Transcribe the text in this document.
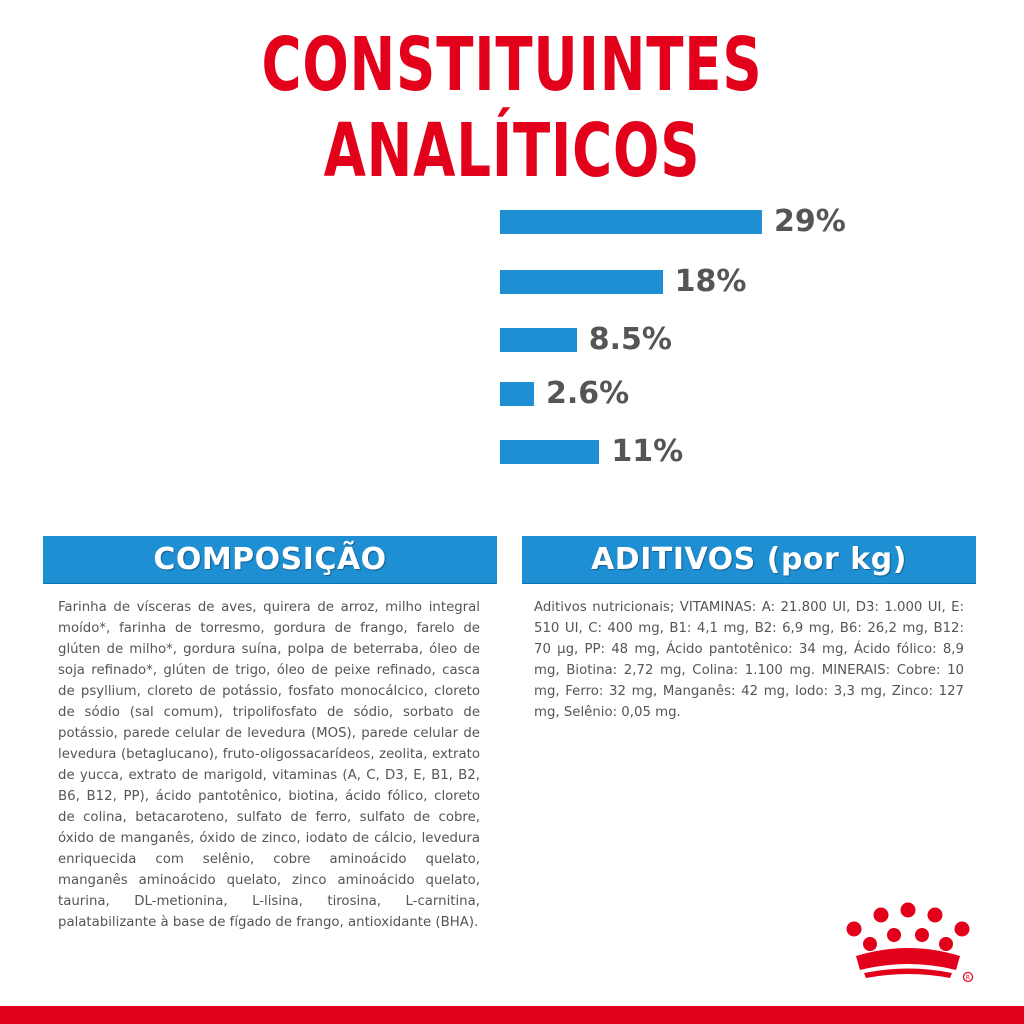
CONSTITUINTES ANALÍTICOS
29%
18%
8.5%
2.6%
11%
COMPOSIÇÃO
Farinha de vísceras de aves, quirera de arroz, milho integral moído*, farinha de torresmo, gordura de frango, farelo de glúten de milho*, gordura suína, polpa de beterraba, óleo de soja refinado*, glúten de trigo, óleo de peixe refinado, casca de psyllium, cloreto de potássio, fosfato monocálcico, cloreto de sódio (sal comum), tripolifosfato de sódio, sorbato de potássio, parede celular de levedura (MOS), parede celular de levedura (betaglucano), fruto-oligossacarídeos, zeolita, extrato de yucca, extrato de marigold, vitaminas (A, C, D3, E, B1, B2, B6, B12, PP), ácido pantotênico, biotina, ácido fólico, cloreto de colina, betacaroteno, sulfato de ferro, sulfato de cobre, óxido de manganês, óxido de zinco, iodato de cálcio, levedura enriquecida com selênio, cobre aminoácido quelato, manganês aminoácido quelato, zinco aminoácido quelato, taurina, DL-metionina, L-lisina, tirosina, L-carnitina, palatabilizante à base de fígado de frango, antioxidante (BHA).
ADITIVOS (por kg)
Aditivos nutricionais; VITAMINAS: A: 21.800 UI, D3: 1.000 UI, E: 510 UI, C: 400 mg, B1: 4,1 mg, B2: 6,9 mg, B6: 26,2 mg, B12: 70 µg, PP: 48 mg, Ácido pantotênico: 34 mg, Ácido fólico: 8,9 mg, Biotina: 2,72 mg, Colina: 1.100 mg. MINERAIS: Cobre: 10 mg, Ferro: 32 mg, Manganês: 42 mg, Iodo: 3,3 mg, Zinco: 127 mg, Selênio: 0,05 mg.
R
